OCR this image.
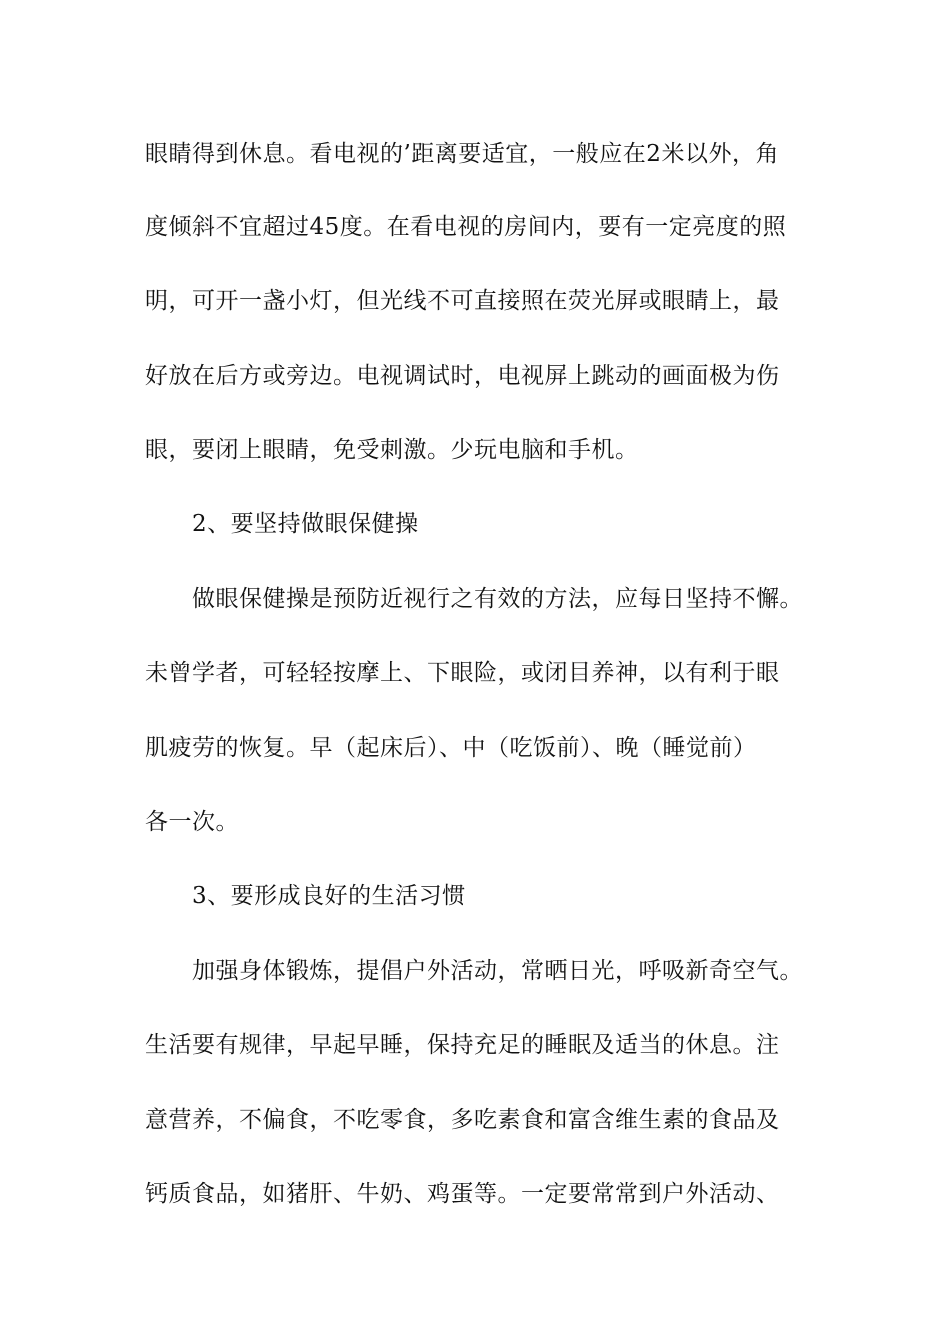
眼睛得到休息。看电视的’距离要适宜，一般应在2米以外，角
度倾斜不宜超过45度。在看电视的房间内，要有一定亮度的照
明，可开一盏小灯，但光线不可直接照在荧光屏或眼睛上，最
好放在后方或旁边。电视调试时，电视屏上跳动的画面极为伤
眼，要闭上眼睛，免受刺激。少玩电脑和手机。
2、要坚持做眼保健操
做眼保健操是预防近视行之有效的方法，应每日坚持不懈。
未曾学者，可轻轻按摩上、下眼险，或闭目养神，以有利于眼
肌疲劳的恢复。早（起床后）、中（吃饭前）、晚（睡觉前）
各一次。
3、要形成良好的生活习惯
加强身体锻炼，提倡户外活动，常晒日光，呼吸新奇空气。
生活要有规律，早起早睡，保持充足的睡眠及适当的休息。注
意营养，不偏食，不吃零食，多吃素食和富含维生素的食品及
钙质食品，如猪肝、牛奶、鸡蛋等。一定要常常到户外活动、
